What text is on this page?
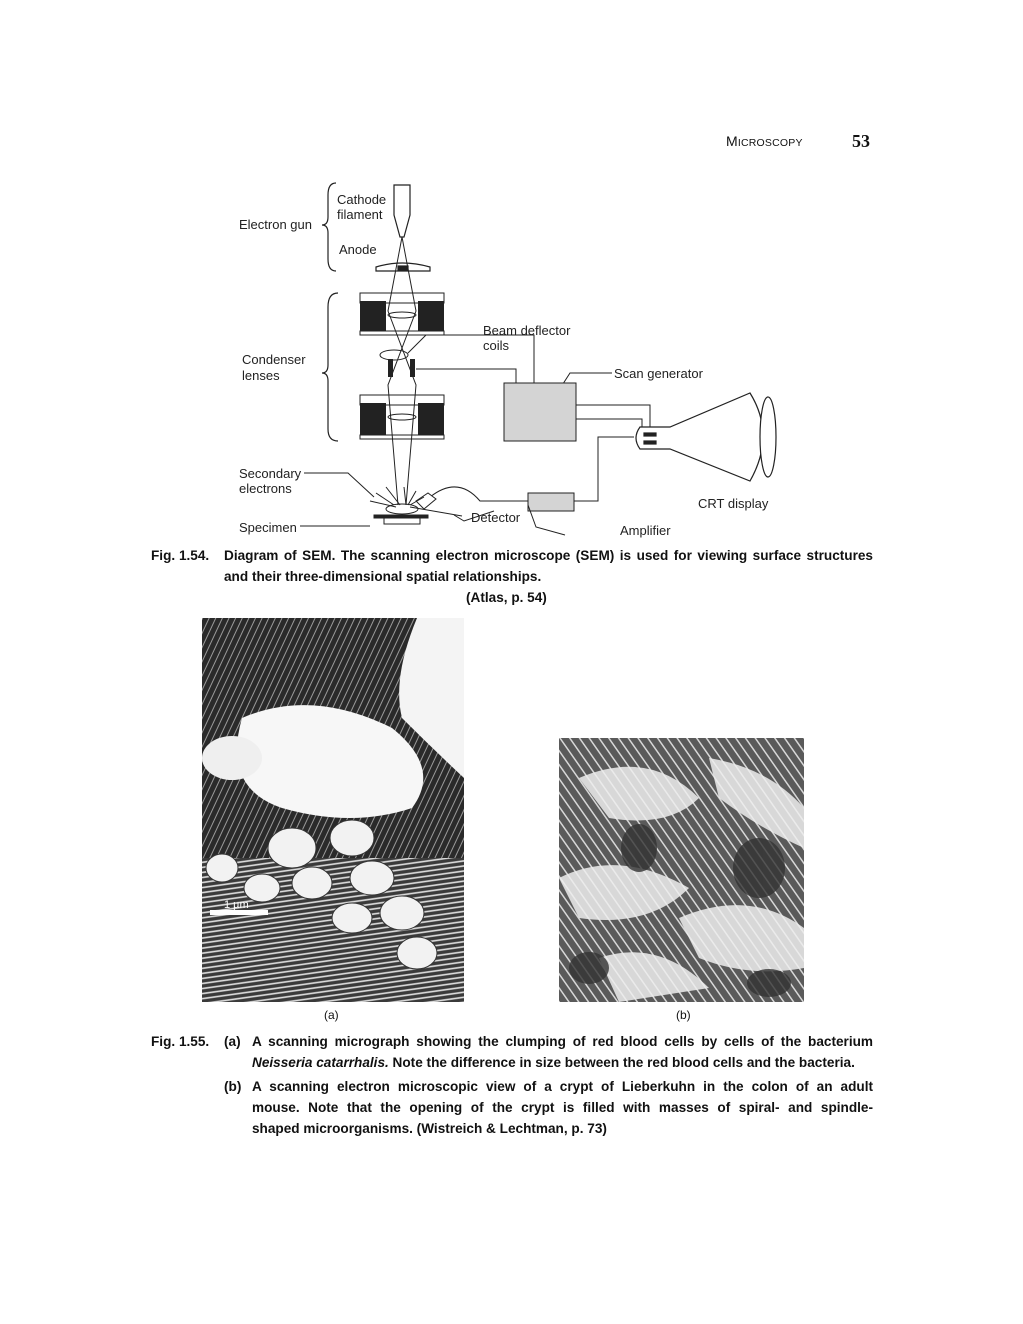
MICROSCOPY	53
Cathode
filament
Electron gun
Anode
Beam deflector
coils
Condenser
lenses	Scan generator
Secondary
electrons
CRT display
Detector
Specimen	Amplifier
Fig. 1.54. Diagram of SEM. The scanning electron microscope (SEM) is used for viewing surface structures
and their three-dimensional spatial relationships.
(Atlas, p. 54)
1 µm
(a)	(b)
Fig. 1.55. (a) A scanning micrograph showing the clumping of red blood cells by cells of the bacterium
Neisseria catarrhalis. Note the difference in size between the red blood cells and the bacteria.
(b) A scanning electron microscopic view of a crypt of Lieberkuhn in the colon of an adult
mouse. Note that the opening of the crypt is filled with masses of spiral- and spindle-
shaped microorganisms. (Wistreich & Lechtman, p. 73)
